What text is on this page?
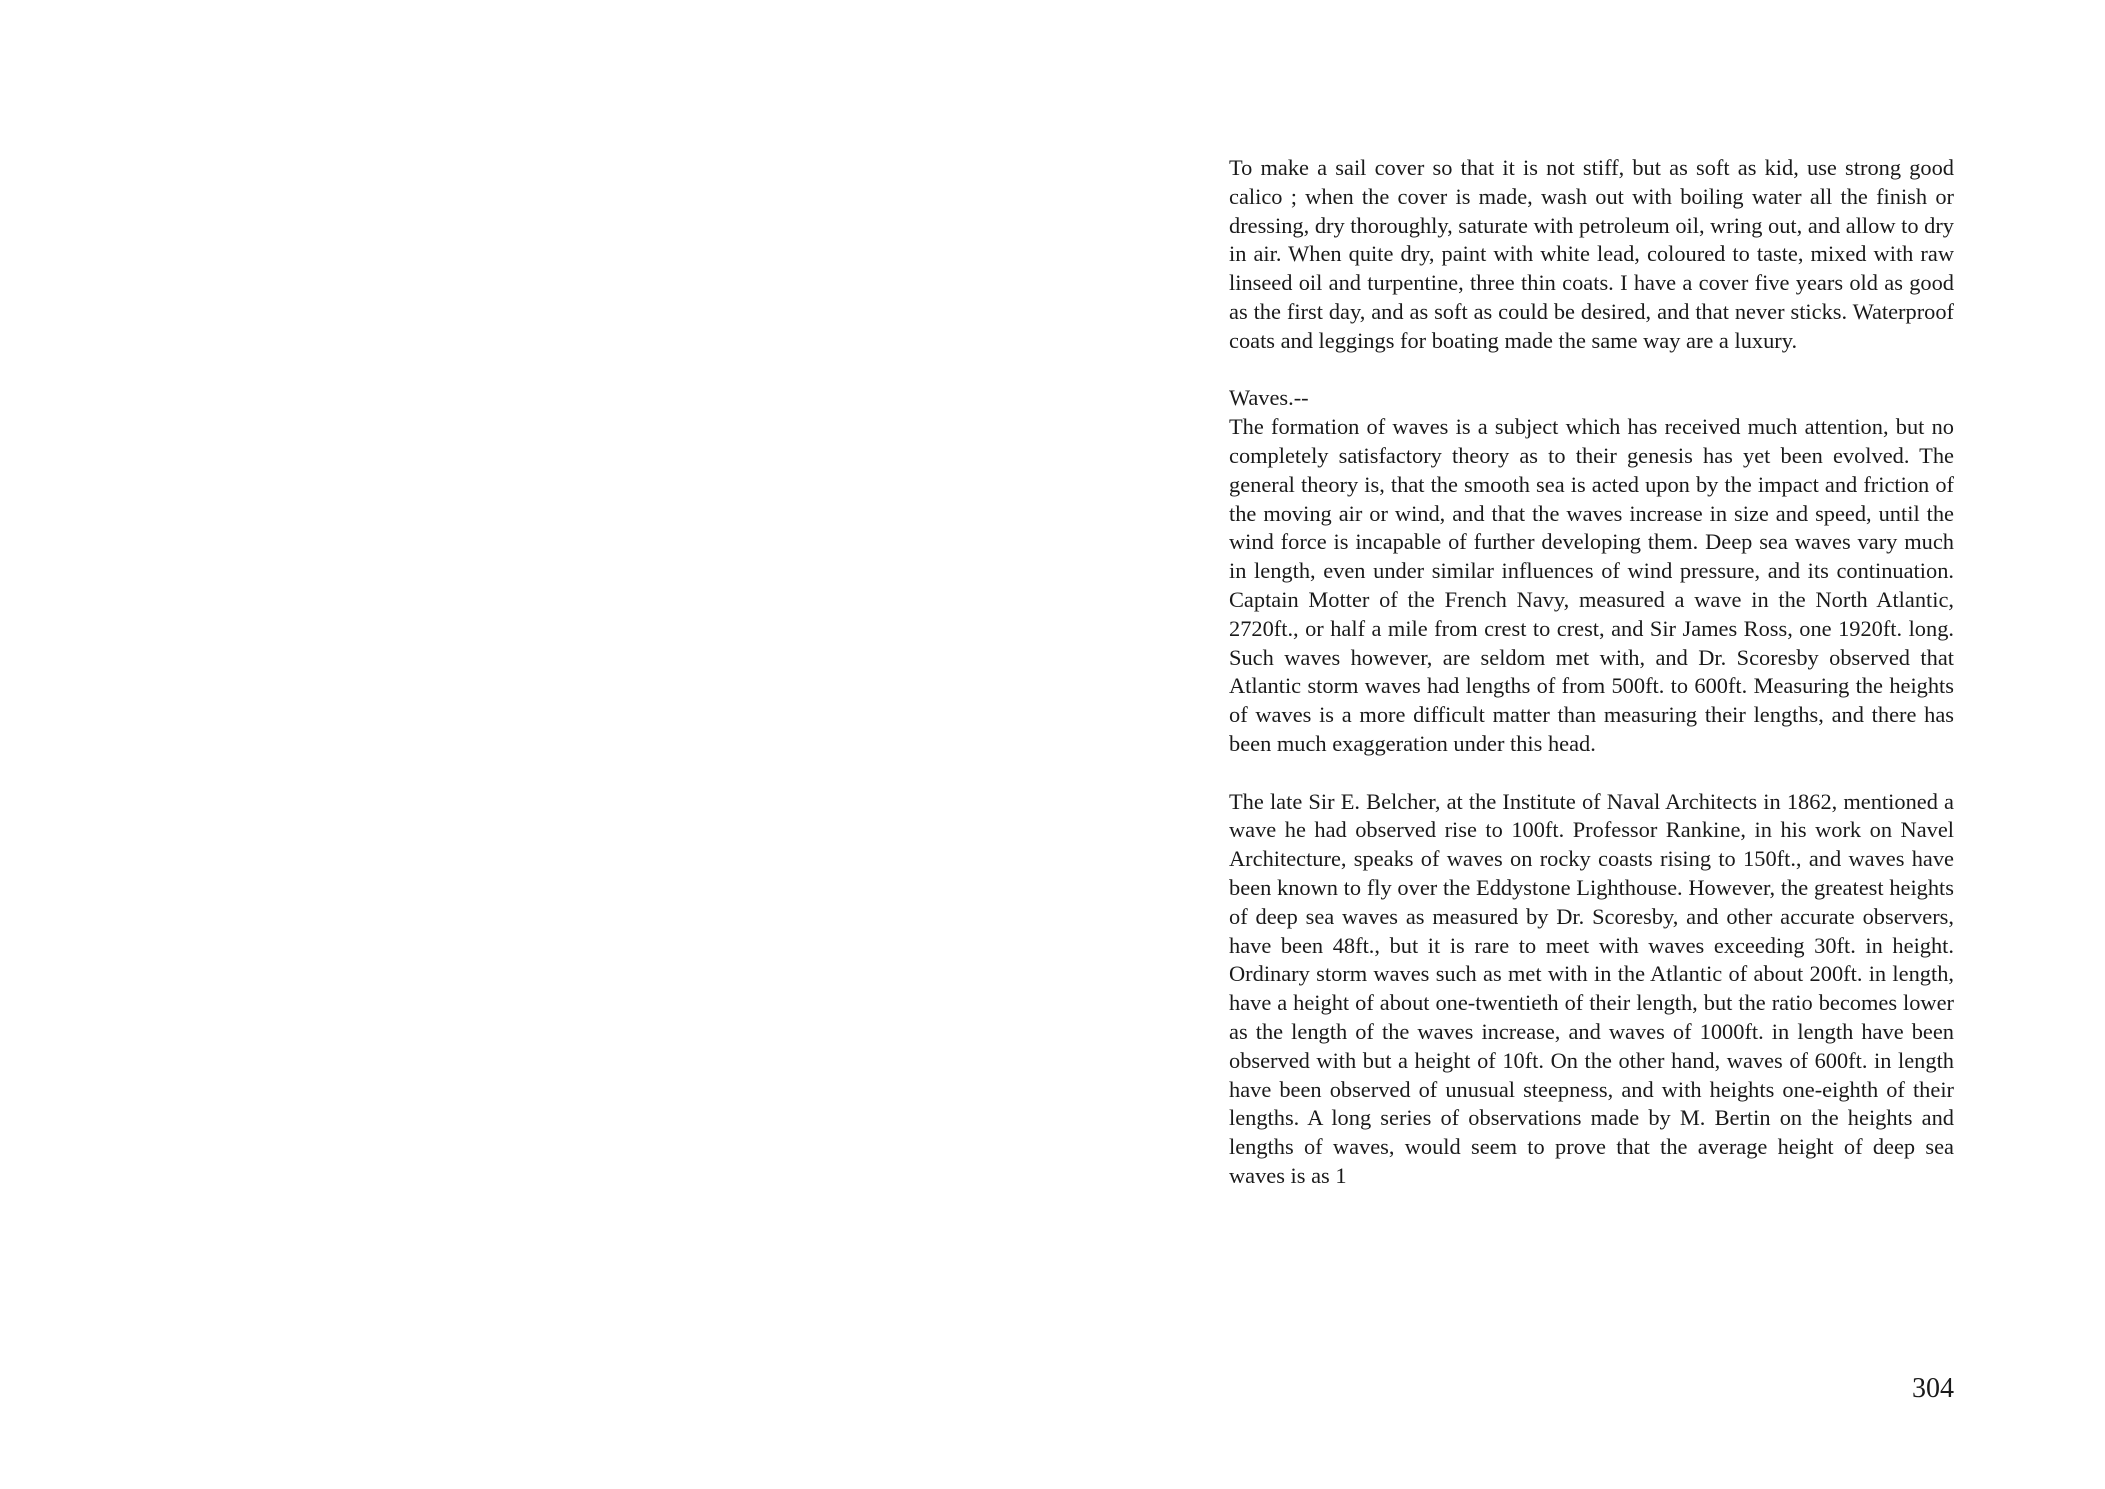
To make a sail cover so that it is not stiff, but as soft as kid, use strong good calico ; when the cover is made, wash out with boiling water all the finish or dressing, dry thoroughly, saturate with petroleum oil, wring out, and allow to dry in air. When quite dry, paint with white lead, coloured to taste, mixed with raw linseed oil and turpentine, three thin coats. I have a cover five years old as good as the first day, and as soft as could be desired, and that never sticks. Waterproof coats and leggings for boating made the same way are a luxury.

Waves.--

The formation of waves is a subject which has received much attention, but no completely satisfactory theory as to their genesis has yet been evolved. The general theory is, that the smooth sea is acted upon by the impact and friction of the moving air or wind, and that the waves increase in size and speed, until the wind force is incapable of further developing them. Deep sea waves vary much in length, even under similar influences of wind pressure, and its continuation. Captain Motter of the French Navy, measured a wave in the North Atlantic, 2720ft., or half a mile from crest to crest, and Sir James Ross, one 1920ft. long. Such waves however, are seldom met with, and Dr. Scoresby observed that Atlantic storm waves had lengths of from 500ft. to 600ft. Measuring the heights of waves is a more difficult matter than measuring their lengths, and there has been much exaggeration under this head.

The late Sir E. Belcher, at the Institute of Naval Architects in 1862, mentioned a wave he had observed rise to 100ft. Professor Rankine, in his work on Navel Architecture, speaks of waves on rocky coasts rising to 150ft., and waves have been known to fly over the Eddystone Lighthouse. However, the greatest heights of deep sea waves as measured by Dr. Scoresby, and other accurate observers, have been 48ft., but it is rare to meet with waves exceeding 30ft. in height. Ordinary storm waves such as met with in the Atlantic of about 200ft. in length, have a height of about one-twentieth of their length, but the ratio becomes lower as the length of the waves increase, and waves of 1000ft. in length have been observed with but a height of 10ft. On the other hand, waves of 600ft. in length have been observed of unusual steepness, and with heights one-eighth of their lengths. A long series of observations made by M. Bertin on the heights and lengths of waves, would seem to prove that the average height of deep sea waves is as 1

304
